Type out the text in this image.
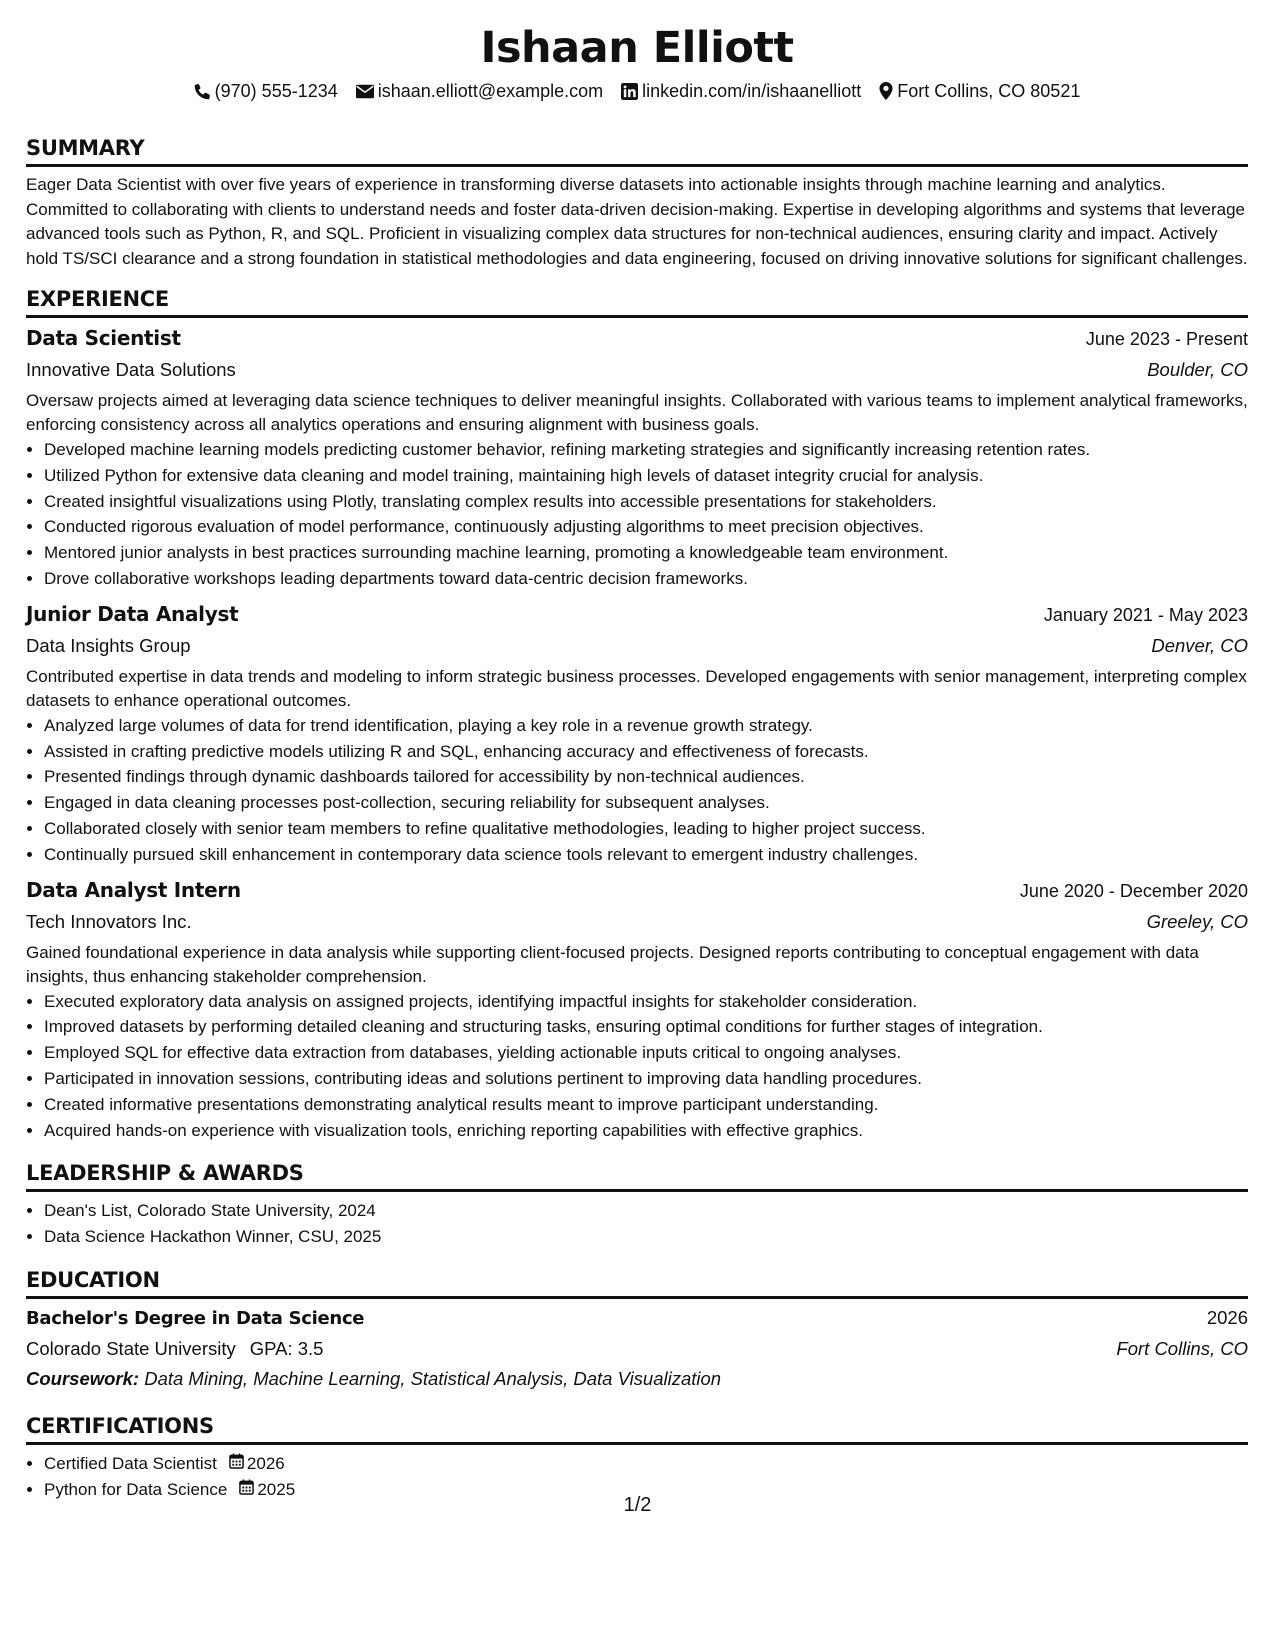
Ishaan Elliott
(970) 555-1234 ishaan.elliott@example.com linkedin.com/in/ishaanelliott Fort Collins, CO 80521
SUMMARY

Eager Data Scientist with over five years of experience in transforming diverse datasets into actionable insights through machine learning and analytics. Committed to collaborating with clients to understand needs and foster data-driven decision-making. Expertise in developing algorithms and systems that leverage advanced tools such as Python, R, and SQL. Proficient in visualizing complex data structures for non-technical audiences, ensuring clarity and impact. Actively hold TS/SCI clearance and a strong foundation in statistical methodologies and data engineering, focused on driving innovative solutions for significant challenges.

EXPERIENCE
Data Scientist	June 2023 - Present
Innovative Data Solutions	Boulder, CO

Oversaw projects aimed at leveraging data science techniques to deliver meaningful insights. Collaborated with various teams to implement analytical frameworks, enforcing consistency across all analytics operations and ensuring alignment with business goals.

• Developed machine learning models predicting customer behavior, refining marketing strategies and significantly increasing retention rates.
• Utilized Python for extensive data cleaning and model training, maintaining high levels of dataset integrity crucial for analysis.
• Created insightful visualizations using Plotly, translating complex results into accessible presentations for stakeholders.
• Conducted rigorous evaluation of model performance, continuously adjusting algorithms to meet precision objectives.
• Mentored junior analysts in best practices surrounding machine learning, promoting a knowledgeable team environment.
• Drove collaborative workshops leading departments toward data-centric decision frameworks.
Junior Data Analyst	January 2021 - May 2023
Data Insights Group	Denver, CO

Contributed expertise in data trends and modeling to inform strategic business processes. Developed engagements with senior management, interpreting complex datasets to enhance operational outcomes.

• Analyzed large volumes of data for trend identification, playing a key role in a revenue growth strategy.
• Assisted in crafting predictive models utilizing R and SQL, enhancing accuracy and effectiveness of forecasts.
• Presented findings through dynamic dashboards tailored for accessibility by non-technical audiences.
• Engaged in data cleaning processes post-collection, securing reliability for subsequent analyses.
• Collaborated closely with senior team members to refine qualitative methodologies, leading to higher project success.
• Continually pursued skill enhancement in contemporary data science tools relevant to emergent industry challenges.
Data Analyst Intern	June 2020 - December 2020
Tech Innovators Inc.	Greeley, CO

Gained foundational experience in data analysis while supporting client-focused projects. Designed reports contributing to conceptual engagement with data insights, thus enhancing stakeholder comprehension.

• Executed exploratory data analysis on assigned projects, identifying impactful insights for stakeholder consideration.
• Improved datasets by performing detailed cleaning and structuring tasks, ensuring optimal conditions for further stages of integration.
• Employed SQL for effective data extraction from databases, yielding actionable inputs critical to ongoing analyses.
• Participated in innovation sessions, contributing ideas and solutions pertinent to improving data handling procedures.
• Created informative presentations demonstrating analytical results meant to improve participant understanding.
• Acquired hands-on experience with visualization tools, enriching reporting capabilities with effective graphics.
LEADERSHIP & AWARDS
• Dean's List, Colorado State University, 2024
• Data Science Hackathon Winner, CSU, 2025
EDUCATION
Bachelor's Degree in Data Science	2026
Colorado State University GPA: 3.5	Fort Collins, CO
Coursework: Data Mining, Machine Learning, Statistical Analysis, Data Visualization
CERTIFICATIONS
• Certified Data Scientist 2026
• Python for Data Science 2025
1/2
